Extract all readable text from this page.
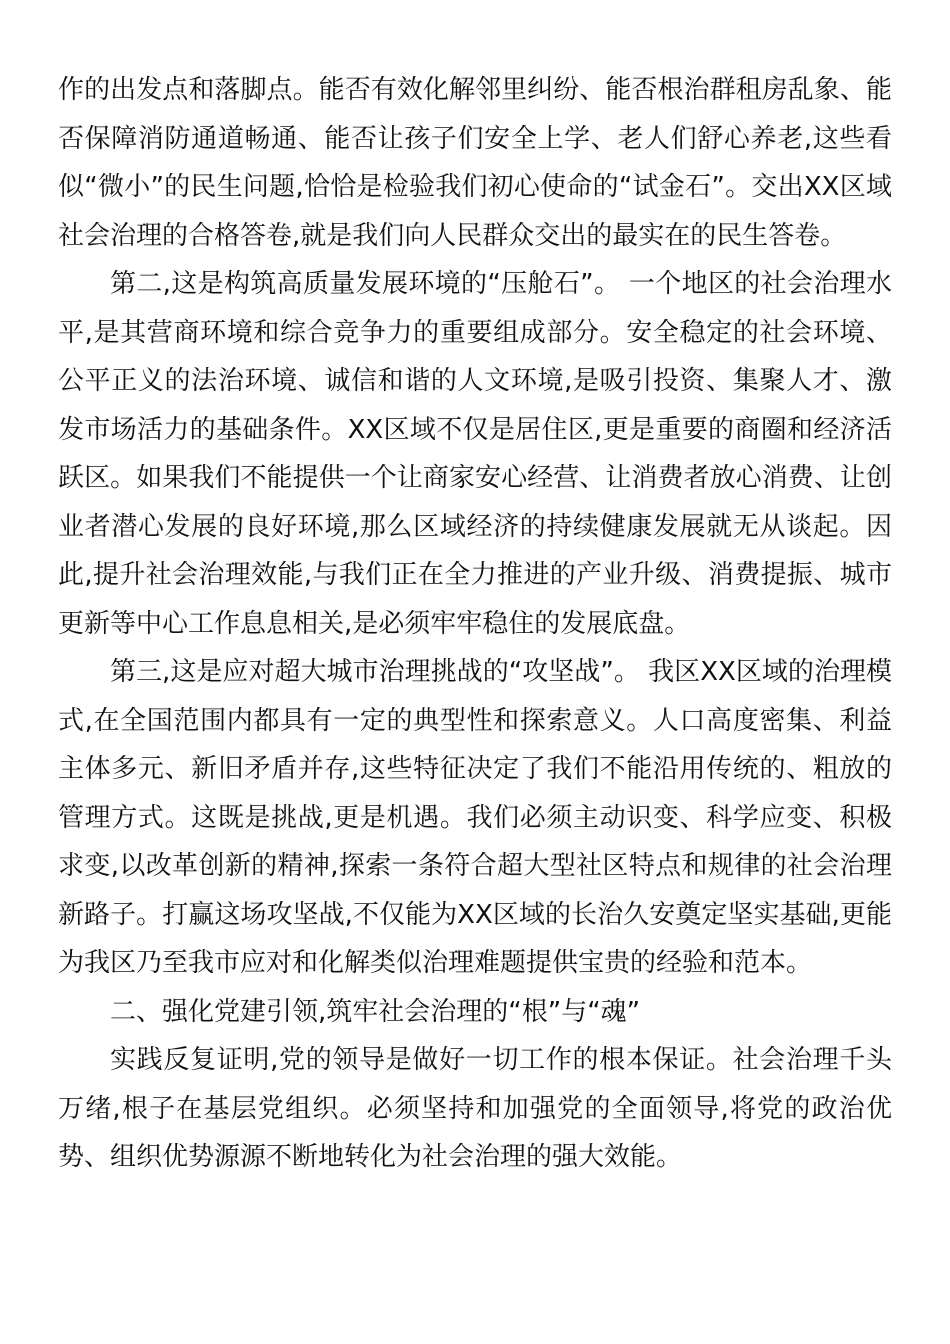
作的出发点和落脚点。能否有效化解邻里纠纷、能否根治群租房乱象、能否保障消防通道畅通、能否让孩子们安全上学、老人们舒心养老,这些看似“微小”的民生问题,恰恰是检验我们初心使命的“试金石”。交出XX区域社会治理的合格答卷,就是我们向人民群众交出的最实在的民生答卷。

第二,这是构筑高质量发展环境的“压舱石”。 一个地区的社会治理水平,是其营商环境和综合竞争力的重要组成部分。安全稳定的社会环境、公平正义的法治环境、诚信和谐的人文环境,是吸引投资、集聚人才、激发市场活力的基础条件。XX区域不仅是居住区,更是重要的商圈和经济活跃区。如果我们不能提供一个让商家安心经营、让消费者放心消费、让创业者潜心发展的良好环境,那么区域经济的持续健康发展就无从谈起。因此,提升社会治理效能,与我们正在全力推进的产业升级、消费提振、城市更新等中心工作息息相关,是必须牢牢稳住的发展底盘。

第三,这是应对超大城市治理挑战的“攻坚战”。 我区XX区域的治理模式,在全国范围内都具有一定的典型性和探索意义。人口高度密集、利益主体多元、新旧矛盾并存,这些特征决定了我们不能沿用传统的、粗放的管理方式。这既是挑战,更是机遇。我们必须主动识变、科学应变、积极求变,以改革创新的精神,探索一条符合超大型社区特点和规律的社会治理新路子。打赢这场攻坚战,不仅能为XX区域的长治久安奠定坚实基础,更能为我区乃至我市应对和化解类似治理难题提供宝贵的经验和范本。

二、强化党建引领,筑牢社会治理的“根”与“魂”

实践反复证明,党的领导是做好一切工作的根本保证。社会治理千头万绪,根子在基层党组织。必须坚持和加强党的全面领导,将党的政治优势、组织优势源源不断地转化为社会治理的强大效能。
